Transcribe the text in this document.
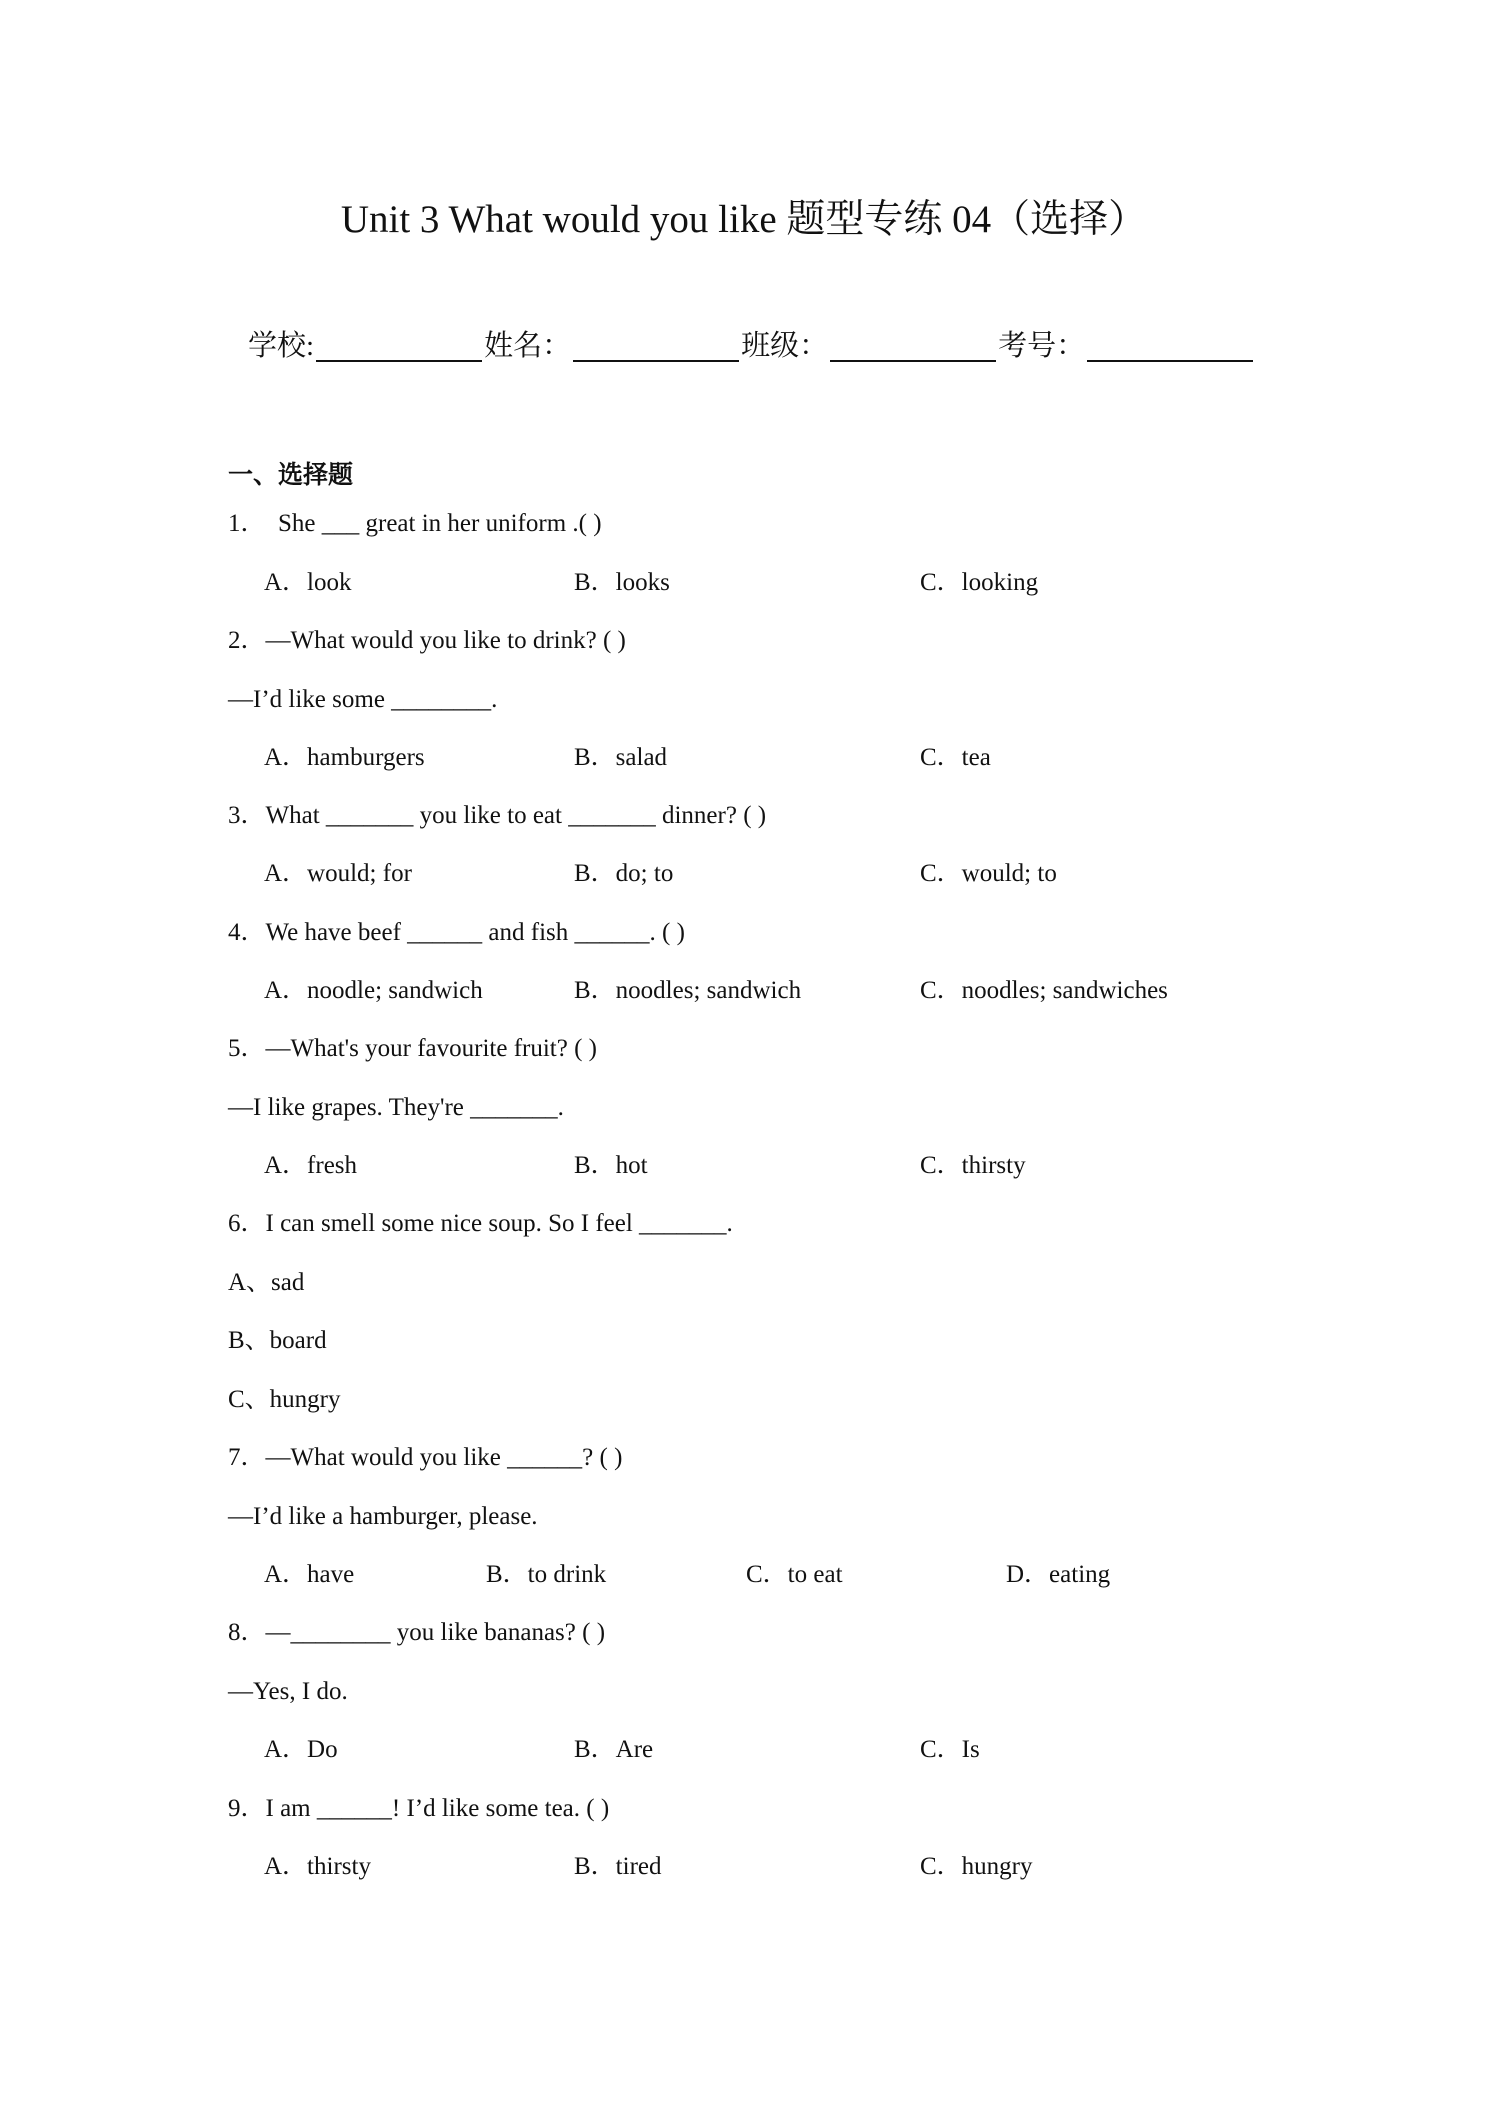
Unit 3 What would you like 题型专练 04（选择）
学校:	姓名：	班级：	考号：
一、选择题
1． She ___ great in her uniform .( )
A．look	B．looks	C．looking
2．—What would you like to drink? ( )
—I’d like some ________.
A．hamburgers	B．salad	C．tea
3．What _______ you like to eat _______ dinner? ( )
A．would; for	B．do; to	C．would; to
4．We have beef ______ and fish ______. ( )
A．noodle; sandwich	B．noodles; sandwich	C．noodles; sandwiches
5．—What's your favourite fruit? ( )
—I like grapes. They're _______.
A．fresh	B．hot	C．thirsty
6．I can smell some nice soup. So I feel _______.
A、sad
B、board
C、hungry
7．—What would you like ______? ( )
—I’d like a hamburger, please.
A．have	B．to drink	C．to eat	D．eating
8．—________ you like bananas? ( )
—Yes, I do.
A．Do	B．Are	C．Is
9．I am ______! I’d like some tea. ( )
A．thirsty	B．tired	C．hungry
